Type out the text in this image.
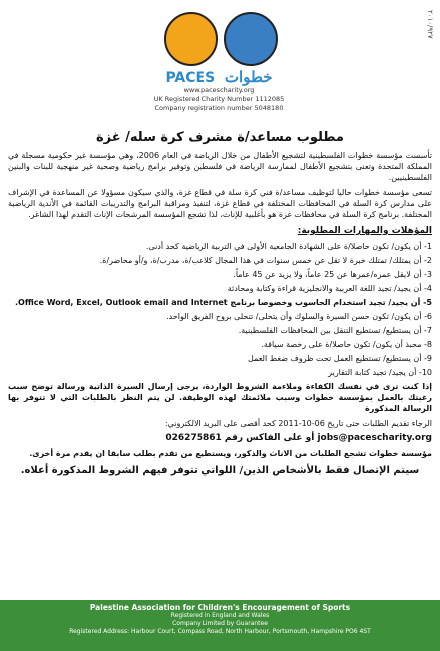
٢٠١٠/٩٢٧
PACES خطوات
www.pacescharity.org
UK Registered Charity Number 1112085
Company registration number 5048180
مطلوب مساعد/ة مشرف كرة سله/ غزة

تأسست مؤسسة خطوات الفلسطينية لتشجيع الأطفال من خلال الرياضة في العام 2006، وهي مؤسسة غير حكومية مسجلة في المملكة المتحدة وتعنى بتشجيع الأطفال لممارسة الرياضة في فلسطين وتوفير برامج رياضية وصحية غير منهجية للبنات والبنين الفلسطينيين.

تسعى مؤسسة خطوات حاليا لتوظيف مساعد/ة فني كرة سلة في قطاع غزة، والذي سيكون مسؤولا عن المساعدة في الإشراف على مدارس كرة السلة في المحافظات المختلفة في قطاع غزة، لتنفيذ ومراقبة البرامج والتدريبات القائمة في الأندية الرياضية المختلفة. برنامج كرة السلة في محافظات غزة هو بأغلبية للإناث، لذا تشجع المؤسسة المرشحات الإناث التقدم لهذا الشاغر.

المؤهلات والمهارات المطلوبة:
1- أن يكون/ تكون حاصلا/ة على الشهادة الجامعية الأولى في التربية الرياضية كحد أدنى.
2- أن يمتلك/ تمتلك خبرة لا تقل عن خمس سنوات في هذا المجال كلاعب/ة، مدرب/ة، و/أو محاضر/ة.
3- أن لايقل عمره/عمرها عن 25 عاماً، ولا يزيد عن 45 عاماً.
4- أن يجيد/ تجيد اللغة العربية والانجليزية قراءة وكتابة ومحادثة
5- أن يجيد/ تجيد استخدام الحاسوب وخصوصا برنامج Office Word, Excel, Outlook email and Internet.
6- أن يكون/ تكون حسن السيرة والسلوك وأن يتحلى/ تتحلى بروح الفريق الواحد.
7- أن يستطيع/ تستطيع التنقل بين المحافظات الفلسطينية.
8- محبذ أن يكون/ تكون حاصلا/ة على رخصة سياقة.
9- أن يستطيع/ تستطيع العمل تحت ظروف ضغط العمل
10- أن يجيد/ تجيد كتابة التقارير

إذا كنت ترى في نفسك الكفاءة وملاءمة الشروط الواردة، يرجى إرسال السيرة الذاتية ورسالة توضح سبب رغبتك بالعمل بمؤسسة خطوات وسبب ملائمتك لهذه الوظيفة. لن يتم النظر بالطلبات التي لا تتوفر بها الرسالة المذكورة

الرجاء تقديم الطلبات حتى تاريخ 06-10-2011 كحد أقصى على البريد الالكتروني:

jobs@pacescharity.org أو على الفاكس رقم 026275861

مؤسسة خطوات تشجع الطلبات من الاناث والذكور، ويستطيع من تقدم بطلب سابقا ان يقدم مرة أخرى.

سيتم الإتصال فقط بالأشخاص الذين/ اللواتي تتوفر فيهم الشروط المذكورة أعلاه.
Palestine Association for Children's Encouragement of Sports
Registered in England and Wales
Company Limited by Guarantee
Registered Address: Harbour Court, Compass Road, North Harbour, Portsmouth, Hampshire PO6 4ST
